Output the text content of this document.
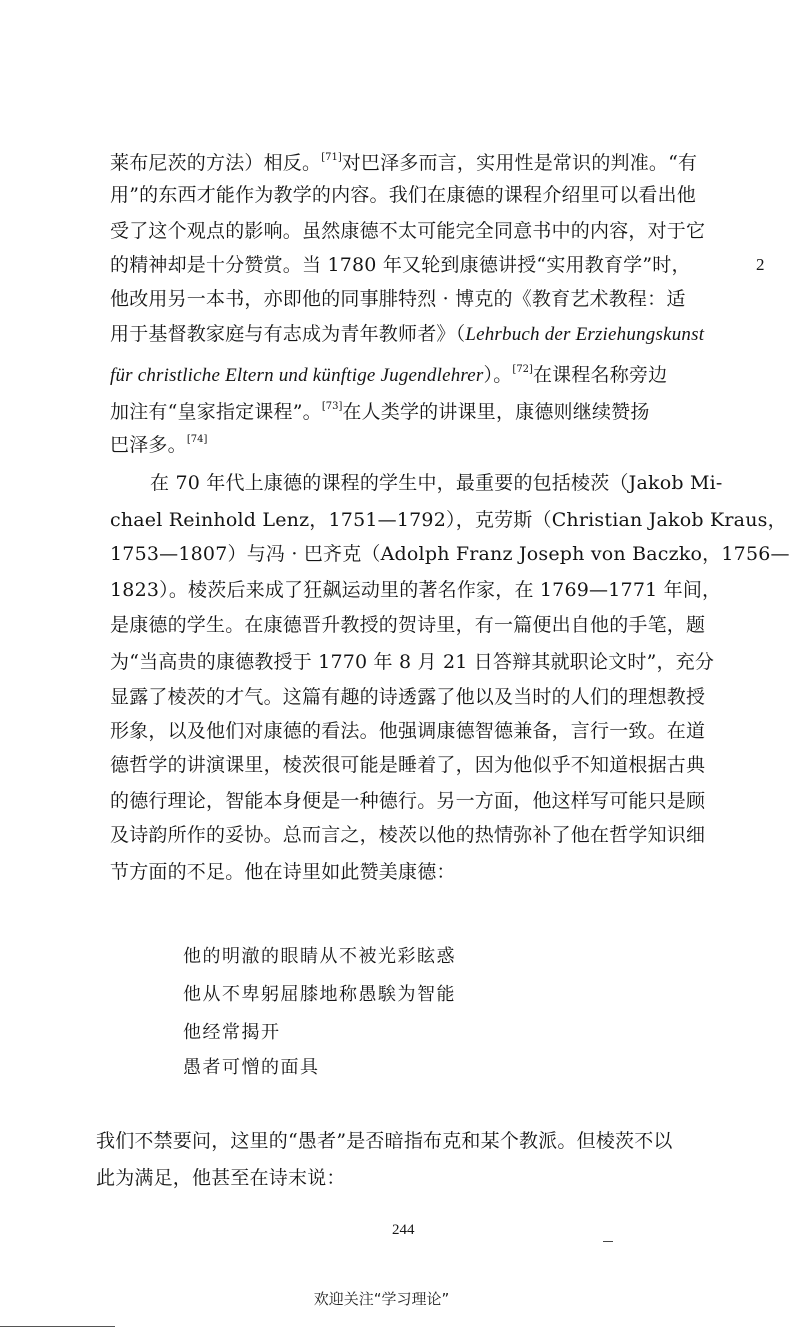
莱布尼茨的方法）相反。[71]对巴泽多而言，实用性是常识的判准。“有
用”的东西才能作为教学的内容。我们在康德的课程介绍里可以看出他
受了这个观点的影响。虽然康德不太可能完全同意书中的内容，对于它
的精神却是十分赞赏。当 1780 年又轮到康德讲授“实用教育学”时，
他改用另一本书，亦即他的同事腓特烈 · 博克的《教育艺术教程：适
用于基督教家庭与有志成为青年教师者》（Lehrbuch der Erziehungskunst
für christliche Eltern und künftige Jugendlehrer）。[72]在课程名称旁边
加注有“皇家指定课程”。[73]在人类学的讲课里，康德则继续赞扬
巴泽多。[74]
在 70 年代上康德的课程的学生中，最重要的包括棱茨（Jakob Mi-
chael Reinhold Lenz，1751—1792），克劳斯（Christian Jakob Kraus，
1753—1807）与冯 · 巴齐克（Adolph Franz Joseph von Baczko，1756—
1823）。棱茨后来成了狂飙运动里的著名作家，在 1769—1771 年间，
是康德的学生。在康德晋升教授的贺诗里，有一篇便出自他的手笔，题
为“当高贵的康德教授于 1770 年 8 月 21 日答辩其就职论文时”，充分
显露了棱茨的才气。这篇有趣的诗透露了他以及当时的人们的理想教授
形象，以及他们对康德的看法。他强调康德智德兼备，言行一致。在道
德哲学的讲演课里，棱茨很可能是睡着了，因为他似乎不知道根据古典
的德行理论，智能本身便是一种德行。另一方面，他这样写可能只是顾
及诗韵所作的妥协。总而言之，棱茨以他的热情弥补了他在哲学知识细
节方面的不足。他在诗里如此赞美康德：
他的明澈的眼睛从不被光彩眩惑
他从不卑躬屈膝地称愚騃为智能
他经常揭开
愚者可憎的面具
我们不禁要问，这里的“愚者”是否暗指布克和某个教派。但棱茨不以
此为满足，他甚至在诗末说：
244
2
欢迎关注“学习理论”
